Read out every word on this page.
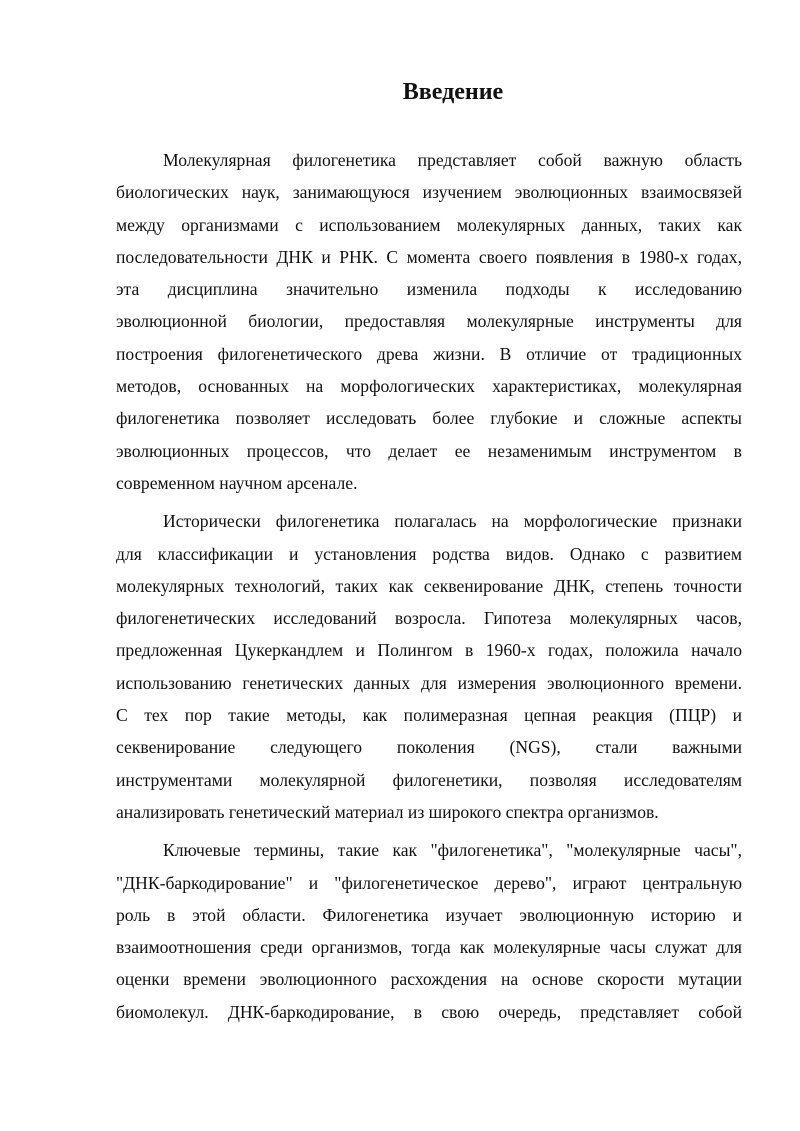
Введение

Молекулярная филогенетика представляет собой важную область
биологических наук, занимающуюся изучением эволюционных взаимосвязей
между организмами с использованием молекулярных данных, таких как
последовательности ДНК и РНК. С момента своего появления в 1980-х годах,
эта дисциплина значительно изменила подходы к исследованию
эволюционной биологии, предоставляя молекулярные инструменты для
построения филогенетического древа жизни. В отличие от традиционных
методов, основанных на морфологических характеристиках, молекулярная
филогенетика позволяет исследовать более глубокие и сложные аспекты
эволюционных процессов, что делает ее незаменимым инструментом в
современном научном арсенале.

Исторически филогенетика полагалась на морфологические признаки
для классификации и установления родства видов. Однако с развитием
молекулярных технологий, таких как секвенирование ДНК, степень точности
филогенетических исследований возросла. Гипотеза молекулярных часов,
предложенная Цукеркандлем и Полингом в 1960-х годах, положила начало
использованию генетических данных для измерения эволюционного времени.
С тех пор такие методы, как полимеразная цепная реакция (ПЦР) и
секвенирование следующего поколения (NGS), стали важными
инструментами молекулярной филогенетики, позволяя исследователям
анализировать генетический материал из широкого спектра организмов.

Ключевые термины, такие как "филогенетика", "молекулярные часы",
"ДНК-баркодирование" и "филогенетическое дерево", играют центральную
роль в этой области. Филогенетика изучает эволюционную историю и
взаимоотношения среди организмов, тогда как молекулярные часы служат для
оценки времени эволюционного расхождения на основе скорости мутации
биомолекул. ДНК-баркодирование, в свою очередь, представляет собой
